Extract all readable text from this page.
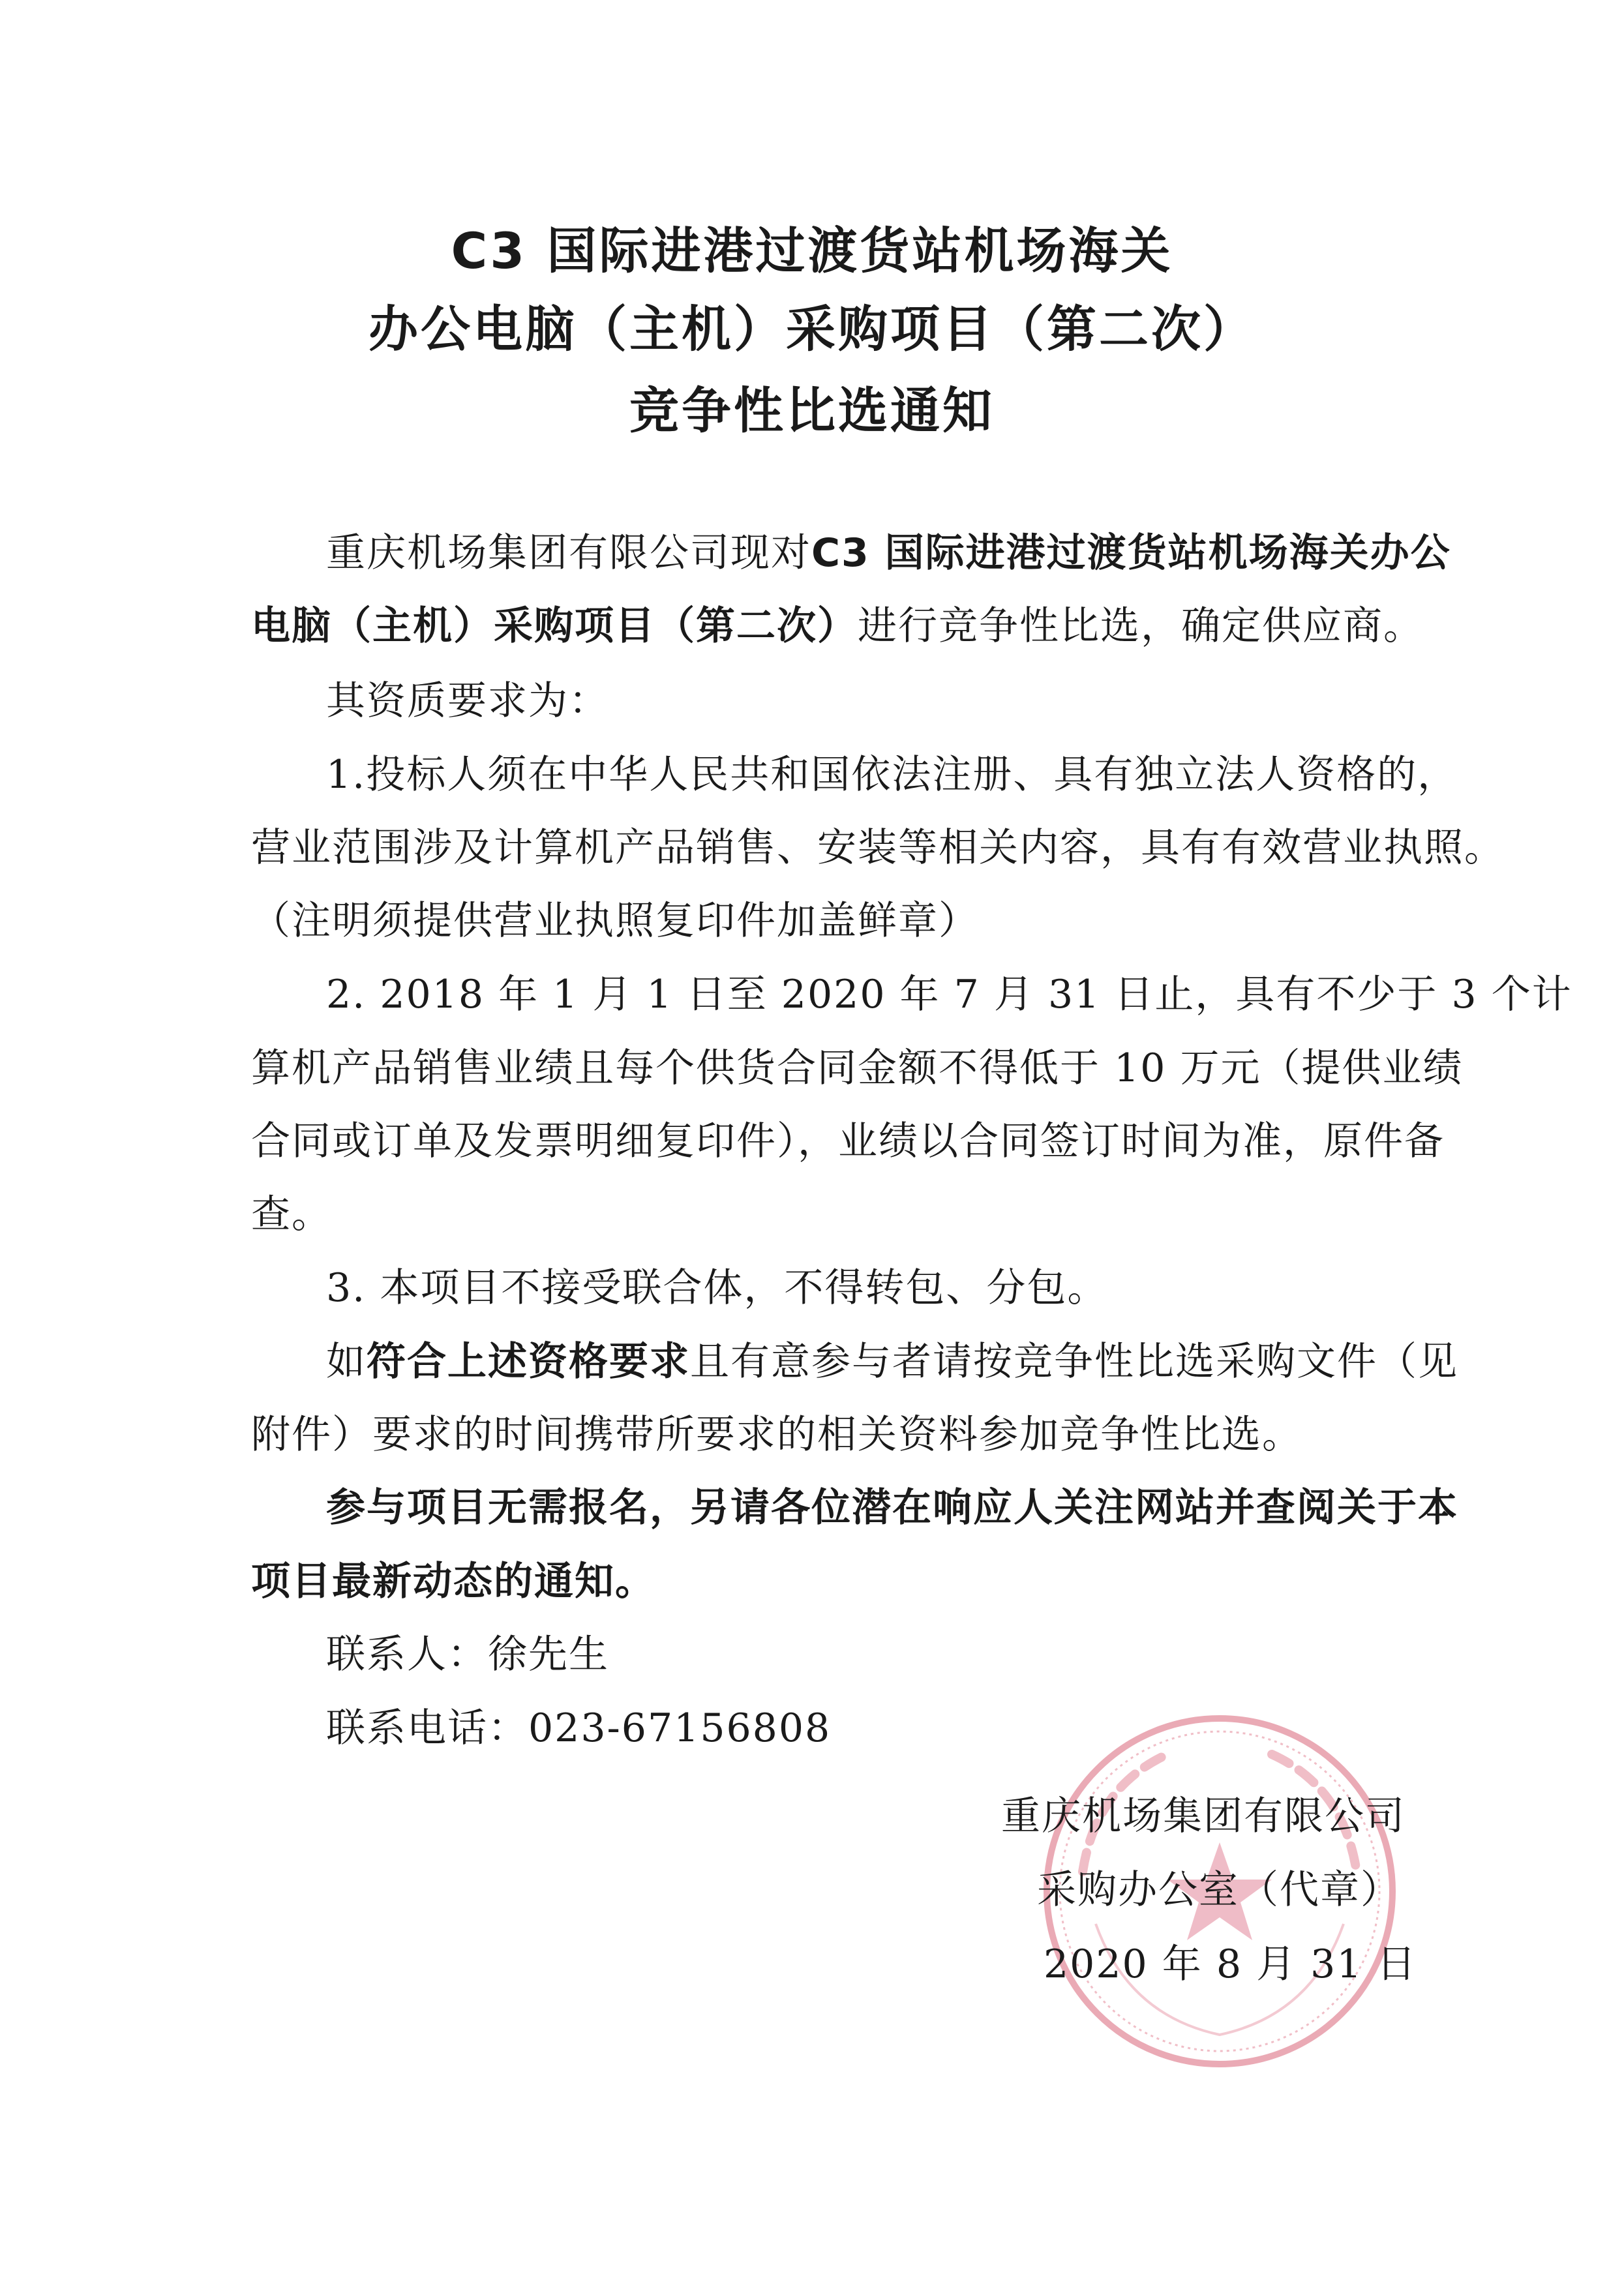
C3 国际进港过渡货站机场海关
办公电脑（主机）采购项目（第二次）
竞争性比选通知
重庆机场集团有限公司现对C3 国际进港过渡货站机场海关办公
电脑（主机）采购项目（第二次）进行竞争性比选，确定供应商。
其资质要求为：
1.投标人须在中华人民共和国依法注册、具有独立法人资格的，
营业范围涉及计算机产品销售、安装等相关内容，具有有效营业执照。
（注明须提供营业执照复印件加盖鲜章）
2. 2018 年 1 月 1 日至 2020 年 7 月 31 日止，具有不少于 3 个计
算机产品销售业绩且每个供货合同金额不得低于 10 万元（提供业绩
合同或订单及发票明细复印件），业绩以合同签订时间为准，原件备
查。
3. 本项目不接受联合体，不得转包、分包。
如符合上述资格要求且有意参与者请按竞争性比选采购文件（见
附件）要求的时间携带所要求的相关资料参加竞争性比选。
参与项目无需报名，另请各位潜在响应人关注网站并查阅关于本
项目最新动态的通知。
联系人：徐先生
联系电话：023-67156808
重庆机场集团有限公司
采购办公室（代章）
2020 年 8 月 31 日
